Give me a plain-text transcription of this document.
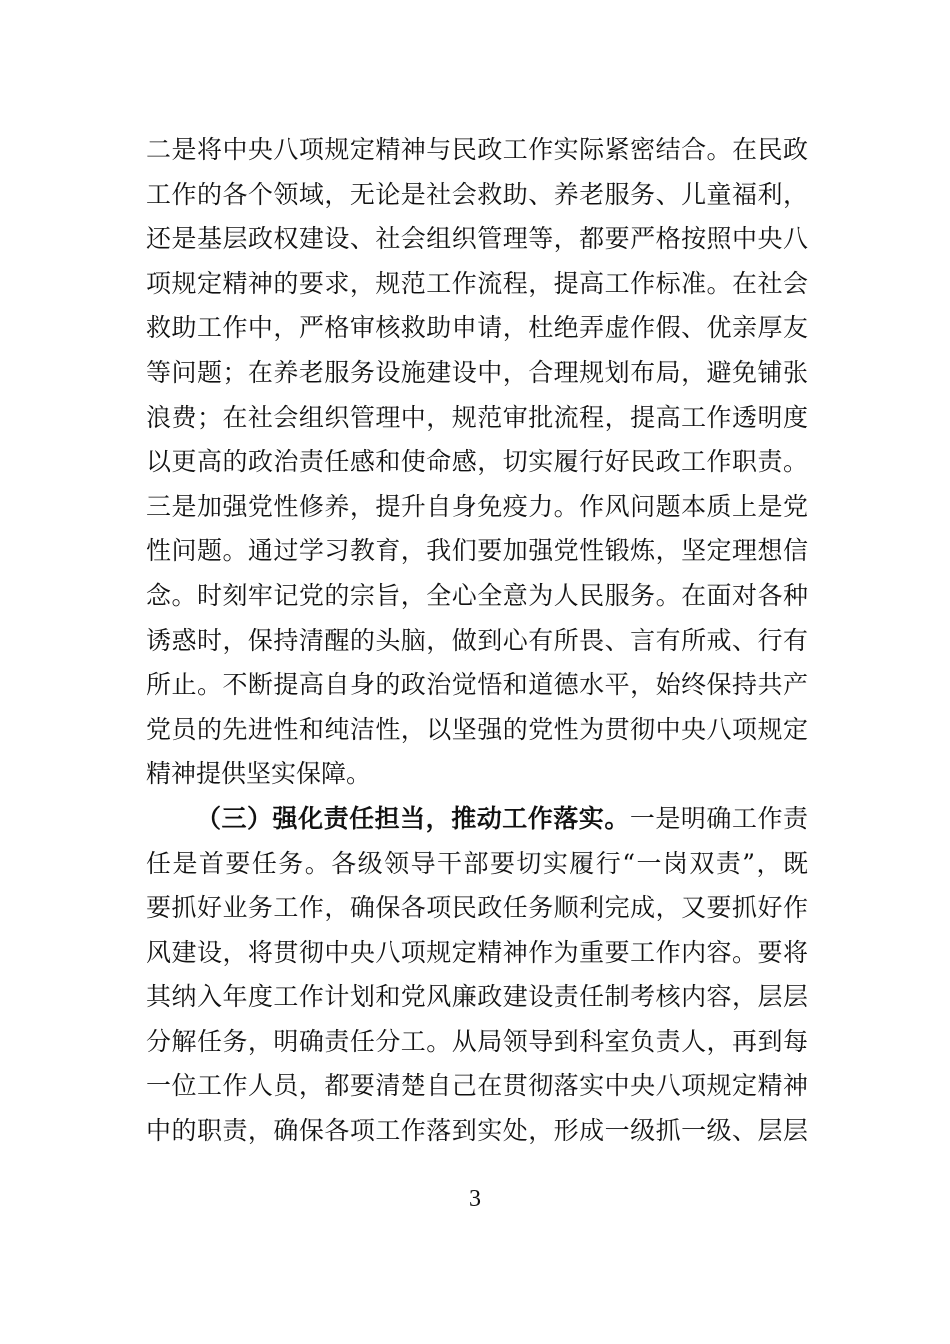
二是将中央八项规定精神与民政工作实际紧密结合。在民政
工作的各个领域，无论是社会救助、养老服务、儿童福利，
还是基层政权建设、社会组织管理等，都要严格按照中央八
项规定精神的要求，规范工作流程，提高工作标准。在社会
救助工作中，严格审核救助申请，杜绝弄虚作假、优亲厚友
等问题；在养老服务设施建设中，合理规划布局，避免铺张
浪费；在社会组织管理中，规范审批流程，提高工作透明度
以更高的政治责任感和使命感，切实履行好民政工作职责。
三是加强党性修养，提升自身免疫力。作风问题本质上是党
性问题。通过学习教育，我们要加强党性锻炼，坚定理想信
念。时刻牢记党的宗旨，全心全意为人民服务。在面对各种
诱惑时，保持清醒的头脑，做到心有所畏、言有所戒、行有
所止。不断提高自身的政治觉悟和道德水平，始终保持共产
党员的先进性和纯洁性，以坚强的党性为贯彻中央八项规定
精神提供坚实保障。
（三）强化责任担当，推动工作落实。一是明确工作责
任是首要任务。各级领导干部要切实履行“一岗双责”，既
要抓好业务工作，确保各项民政任务顺利完成，又要抓好作
风建设，将贯彻中央八项规定精神作为重要工作内容。要将
其纳入年度工作计划和党风廉政建设责任制考核内容，层层
分解任务，明确责任分工。从局领导到科室负责人，再到每
一位工作人员，都要清楚自己在贯彻落实中央八项规定精神
中的职责，确保各项工作落到实处，形成一级抓一级、层层
3
